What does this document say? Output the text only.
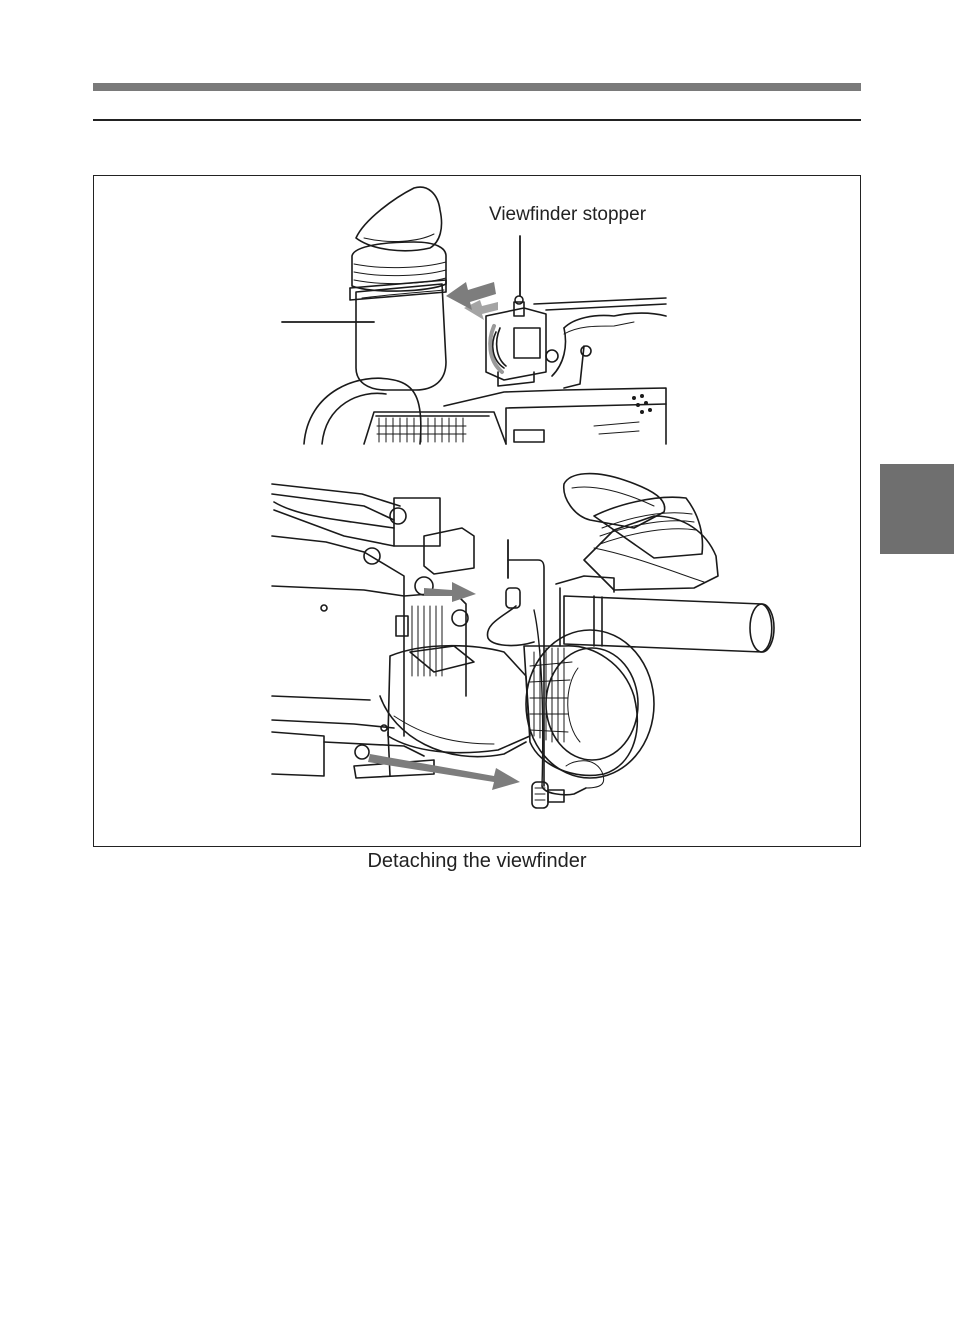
Viewfinder stopper
Detaching the viewfinder
